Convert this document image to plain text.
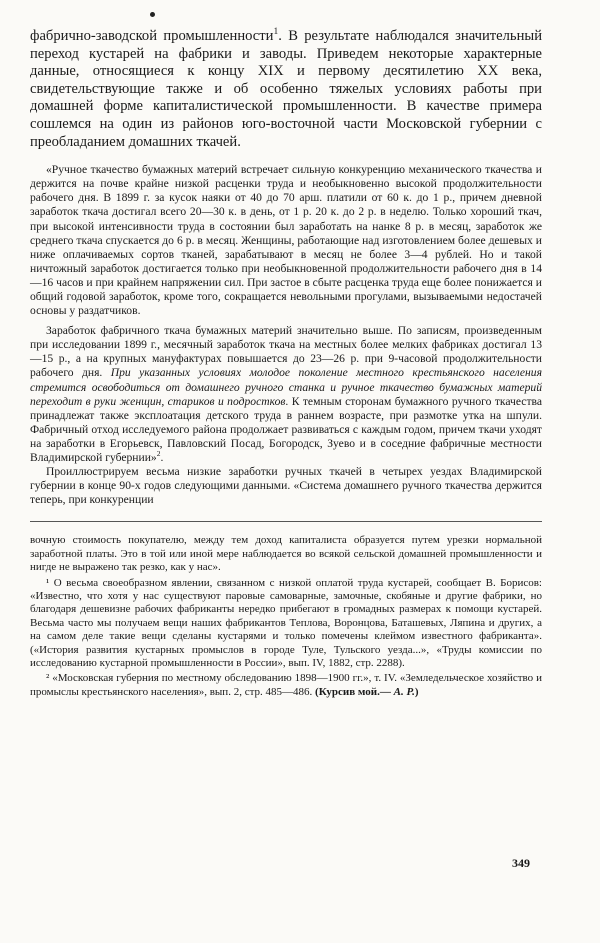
фабрично-заводской промышленности$^1$. В результате наблюдался значительный переход кустарей на фабрики и заводы. Приведем некоторые характерные данные, относящиеся к концу XIX и первому десятилетию XX века, свидетельствующие также и об особенно тяжелых условиях работы при домашней форме капиталистической промышленности. В качестве примера сошлемся на один из районов юго-восточной части Московской губернии с преобладанием домашних ткачей.

«Ручное ткачество бумажных материй встречает сильную конкуренцию механического ткачества и держится на почве крайне низкой расценки труда и необыкновенно высокой продолжительности рабочего дня. В 1899 г. за кусок наяки от 40 до 70 арш. платили от 60 к. до 1 р., причем дневной заработок ткача достигал всего 20—30 к. в день, от 1 р. 20 к. до 2 р. в неделю. Только хороший ткач, при высокой интенсивности труда в состоянии был заработать на нанке 8 р. в месяц, заработок же среднего ткача спускается до 6 р. в месяц. Женщины, работающие над изготовлением более дешевых и ниже оплачиваемых сортов тканей, зарабатывают в месяц не более 3—4 рублей. Но и такой ничтожный заработок достигается только при необыкновенной продолжительности рабочего дня в 14—16 часов и при крайнем напряжении сил. При застое в сбыте расценка труда еще более понижается и общий годовой заработок, кроме того, сокращается невольными прогулами, вызываемыми недостачей основы у раздатчиков.

Заработок фабричного ткача бумажных материй значительно выше. По записям, произведенным при исследовании 1899 г., месячный заработок ткача на местных более мелких фабриках достигал 13—15 р., а на крупных мануфактурах повышается до 23—26 р. при 9-часовой продолжительности рабочего дня. При указанных условиях молодое поколение местного крестьянского населения стремится освободиться от домашнего ручного станка и ручное ткачество бумажных материй переходит в руки женщин, стариков и подростков. К темным сторонам бумажного ручного ткачества принадлежат также эксплоатация детского труда в раннем возрасте, при размотке утка на шпули. Фабричный отход исследуемого района продолжает развиваться с каждым годом, причем ткачи уходят на заработки в Егорьевск, Павловский Посад, Богородск, Зуево и в соседние фабричные местности Владимирской губернии»$^2$.

Проиллюстрируем весьма низкие заработки ручных ткачей в четырех уездах Владимирской губернии в конце 90-х годов следующими данными. «Система домашнего ручного ткачества держится теперь, при конкуренции

вочную стоимость покупателю, между тем доход капиталиста образуется путем урезки нормальной заработной платы. Это в той или иной мере наблюдается во всякой сельской домашней промышленности и нигде не выражено так резко, как у нас».

¹ О весьма своеобразном явлении, связанном с низкой оплатой труда кустарей, сообщает В. Борисов: «Известно, что хотя у нас существуют паровые самоварные, замочные, скобяные и другие фабрики, но благодаря дешевизне рабочих фабриканты нередко прибегают в громадных размерах к помощи кустарей. Весьма часто мы получаем вещи наших фабрикантов Теплова, Воронцова, Баташевых, Ляпина и других, а на самом деле такие вещи сделаны кустарями и только помечены клеймом известного фабриканта». («История развития кустарных промыслов в городе Туле, Тульского уезда...», «Труды комиссии по исследованию кустарной промышленности в России», вып. IV, 1882, стр. 2288).

² «Московская губерния по местному обследованию 1898—1900 гг.», т. IV. «Земледельческое хозяйство и промыслы крестьянского населения», вып. 2, стр. 485—486. (Курсив мой.— А. Р.)

349
